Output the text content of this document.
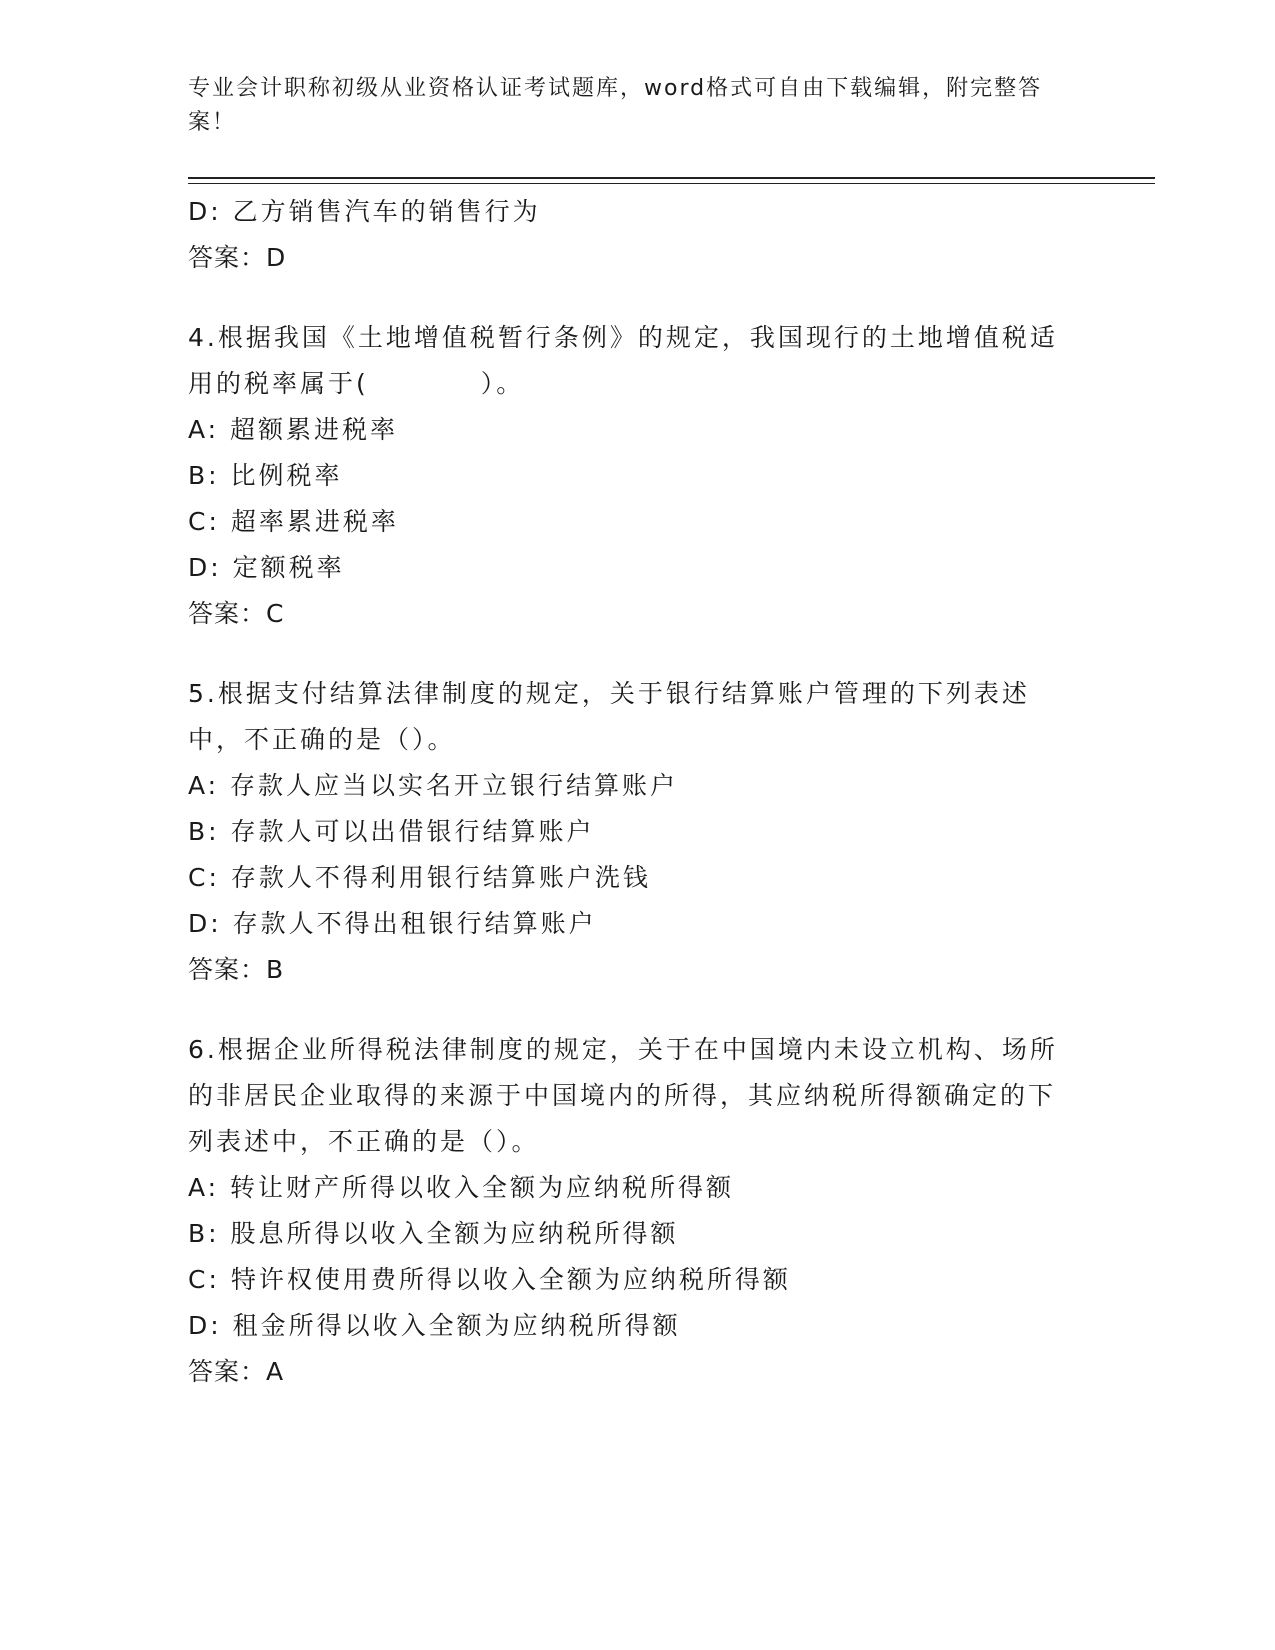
专业会计职称初级从业资格认证考试题库，word格式可自由下载编辑，附完整答案！
D: 乙方销售汽车的销售行为
答案：D
4.根据我国《土地增值税暂行条例》的规定，我国现行的土地增值税适用的税率属于(　　　　）。
A: 超额累进税率
B: 比例税率
C: 超率累进税率
D: 定额税率
答案：C
5.根据支付结算法律制度的规定，关于银行结算账户管理的下列表述中，不正确的是（）。
A: 存款人应当以实名开立银行结算账户
B: 存款人可以出借银行结算账户
C: 存款人不得利用银行结算账户洗钱
D: 存款人不得出租银行结算账户
答案：B
6.根据企业所得税法律制度的规定，关于在中国境内未设立机构、场所的非居民企业取得的来源于中国境内的所得，其应纳税所得额确定的下列表述中，不正确的是（）。
A: 转让财产所得以收入全额为应纳税所得额
B: 股息所得以收入全额为应纳税所得额
C: 特许权使用费所得以收入全额为应纳税所得额
D: 租金所得以收入全额为应纳税所得额
答案：A
